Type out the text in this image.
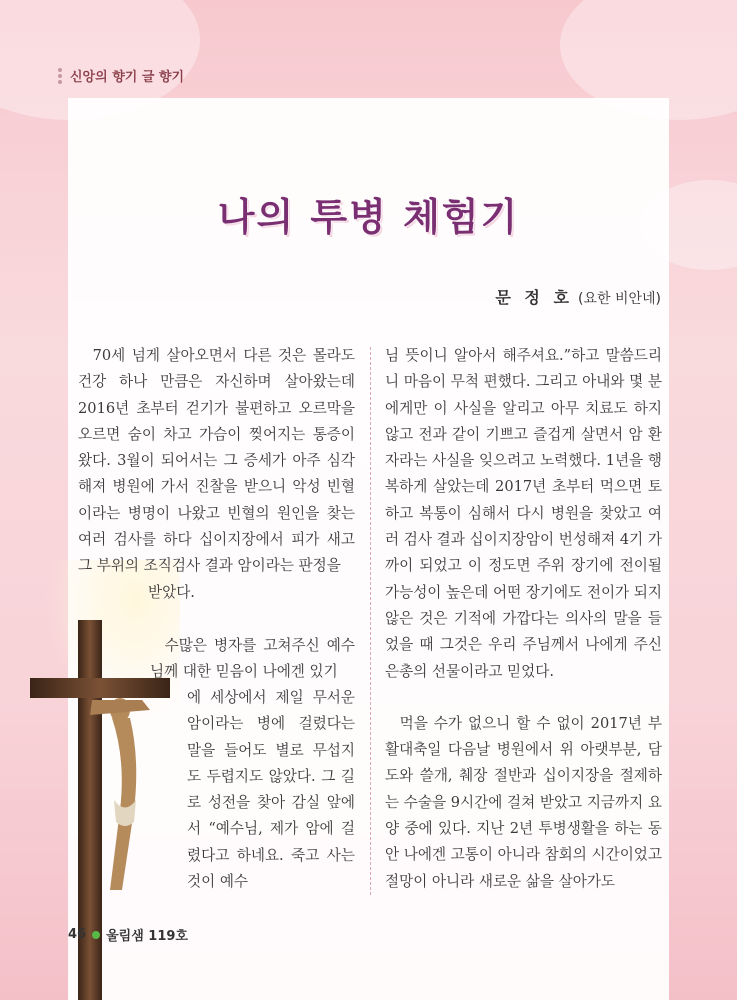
신앙의 향기 글 향기
나의 투병 체험기
문 정 호 (요한 비안네)

70세 넘게 살아오면서 다른 것은 몰라도 건강 하나 만큼은 자신하며 살아왔는데 2016년 초부터 걷기가 불편하고 오르막을 오르면 숨이 차고 가슴이 찢어지는 통증이 왔다. 3월이 되어서는 그 증세가 아주 심각해져 병원에 가서 진찰을 받으니 악성 빈혈이라는 병명이 나왔고 빈혈의 원인을 찾는 여러 검사를 하다 십이지장에서 피가 새고 그 부위의 조직검사 결과 암이라는 판정을

받았다.

수많은 병자를 고쳐주신 예수님께 대한 믿음이 나에겐 있기
에 세상에서 제일 무서운 암이라는 병에 걸렸다는 말을 들어도 별로 무섭지도 두렵지도 않았다. 그 길로 성전을 찾아 감실 앞에서 “예수님, 제가 암에 걸렸다고 하네요. 죽고 사는 것이 예수

님 뜻이니 알아서 해주셔요.”하고 말씀드리니 마음이 무척 편했다. 그리고 아내와 몇 분에게만 이 사실을 알리고 아무 치료도 하지 않고 전과 같이 기쁘고 즐겁게 살면서 암 환자라는 사실을 잊으려고 노력했다. 1년을 행복하게 살았는데 2017년 초부터 먹으면 토하고 복통이 심해서 다시 병원을 찾았고 여러 검사 결과 십이지장암이 번성해져 4기 가까이 되었고 이 정도면 주위 장기에 전이될 가능성이 높은데 어떤 장기에도 전이가 되지 않은 것은 기적에 가깝다는 의사의 말을 들었을 때 그것은 우리 주님께서 나에게 주신 은총의 선물이라고 믿었다.

먹을 수가 없으니 할 수 없이 2017년 부활대축일 다음날 병원에서 위 아랫부분, 담도와 쓸개, 췌장 절반과 십이지장을 절제하는 수술을 9시간에 걸쳐 받았고 지금까지 요양 중에 있다. 지난 2년 투병생활을 하는 동안 나에겐 고통이 아니라 참회의 시간이었고 절망이 아니라 새로운 삶을 살아가도

46 울림샘 119호
